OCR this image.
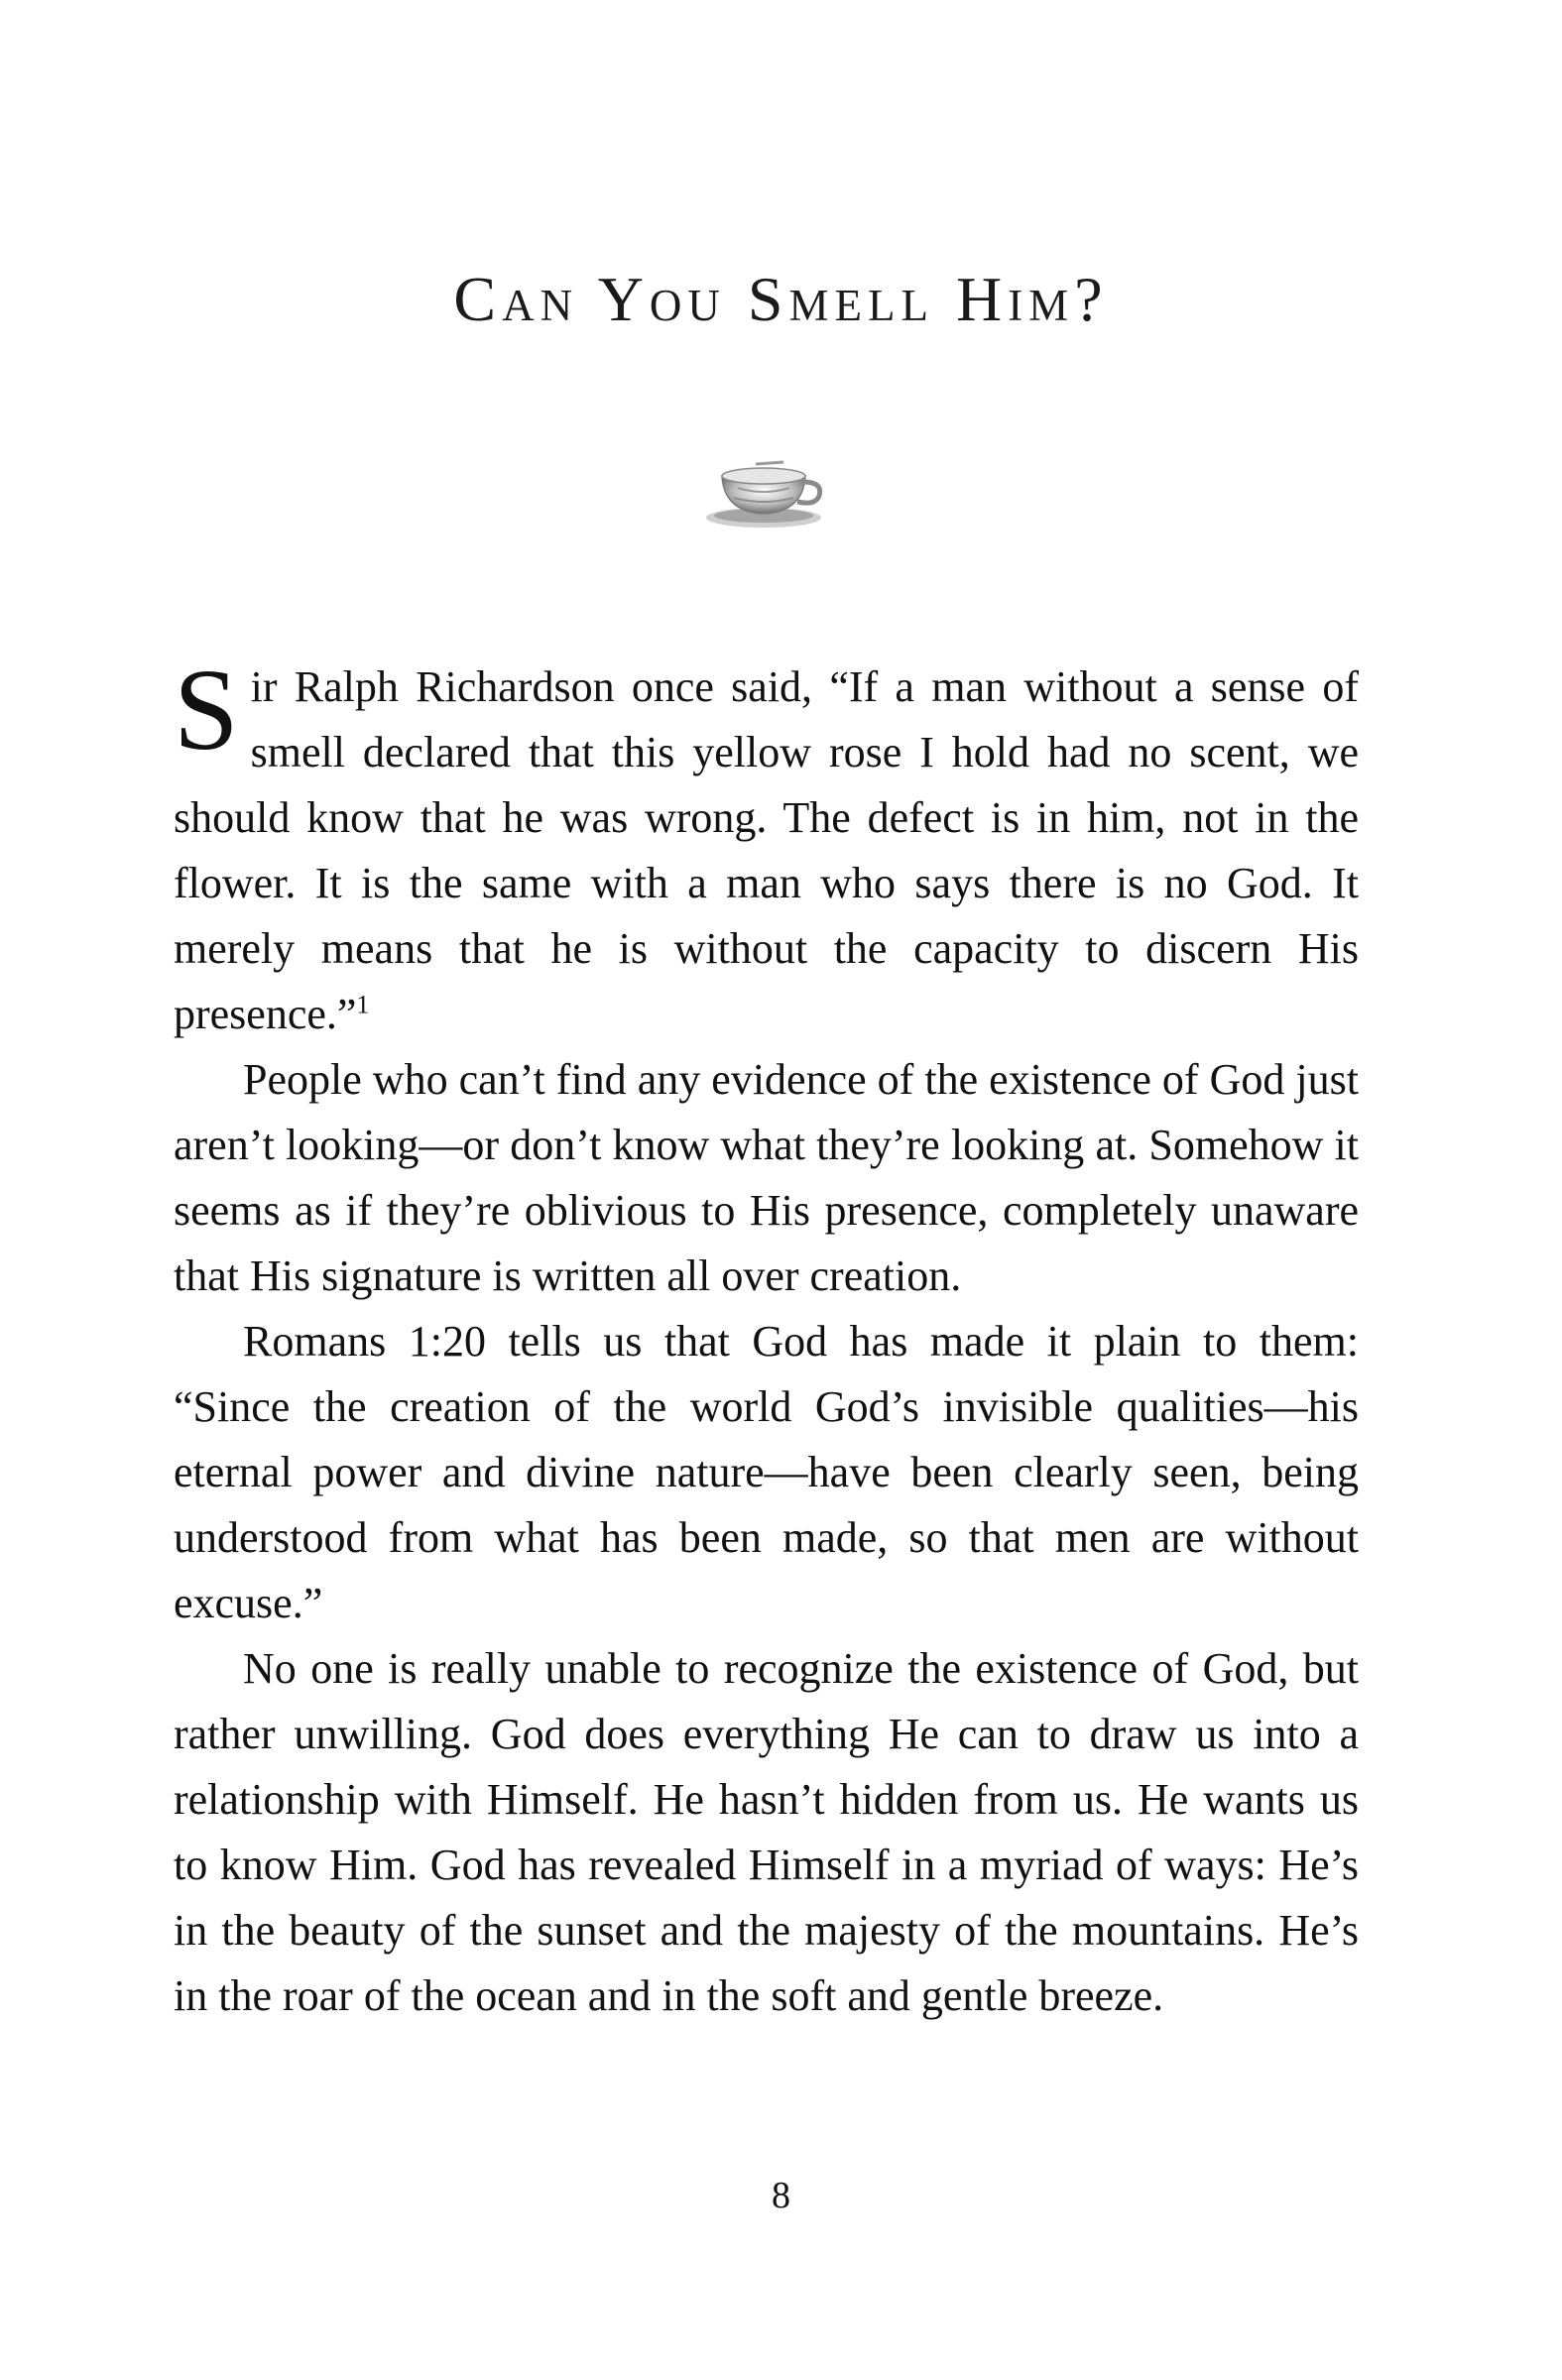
Can You Smell Him?

Sir Ralph Richardson once said, “If a man without a sense of smell declared that this yellow rose I hold had no scent, we should know that he was wrong. The defect is in him, not in the flower. It is the same with a man who says there is no God. It merely means that he is without the capacity to discern His presence.”$^1$

People who can’t find any evidence of the existence of God just aren’t looking—or don’t know what they’re looking at. Somehow it seems as if they’re oblivious to His presence, completely unaware that His signature is written all over creation.

Romans 1:20 tells us that God has made it plain to them: “Since the creation of the world God’s invisible qualities—his eternal power and divine nature—have been clearly seen, being understood from what has been made, so that men are without excuse.”

No one is really unable to recognize the existence of God, but rather unwilling. God does everything He can to draw us into a relationship with Himself. He hasn’t hidden from us. He wants us to know Him. God has revealed Himself in a myriad of ways: He’s in the beauty of the sunset and the majesty of the mountains. He’s in the roar of the ocean and in the soft and gentle breeze.

8
